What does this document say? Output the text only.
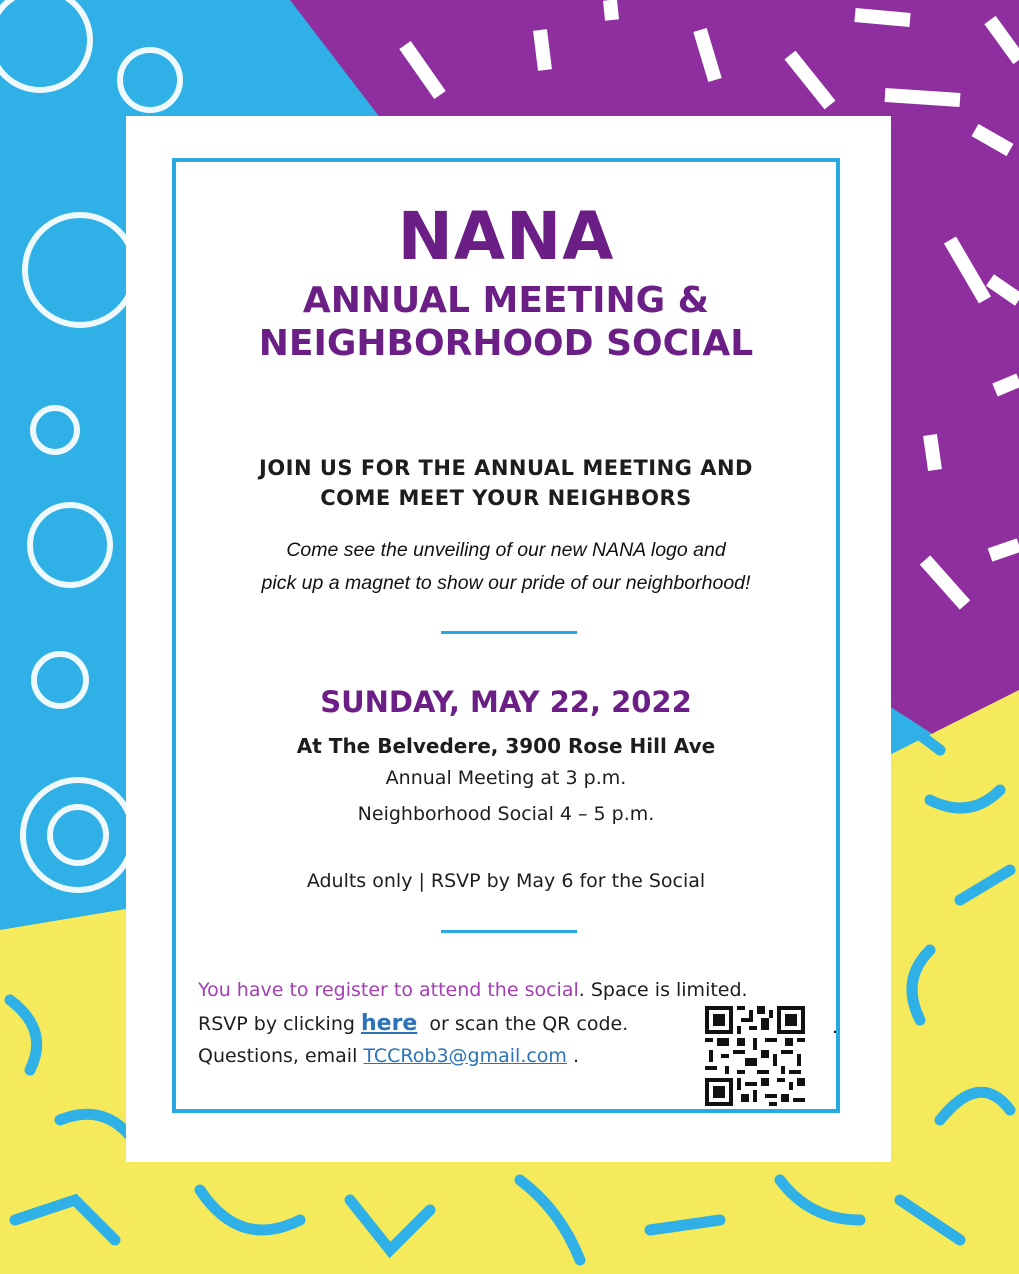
NANA
ANNUAL MEETING &
NEIGHBORHOOD SOCIAL

JOIN US FOR THE ANNUAL MEETING AND

COME MEET YOUR NEIGHBORS

Come see the unveiling of our new NANA logo and

pick up a magnet to show our pride of our neighborhood!

SUNDAY, MAY 22, 2022

At The Belvedere, 3900 Rose Hill Ave

Annual Meeting at 3 p.m.

Neighborhood Social 4 – 5 p.m.

Adults only | RSVP by May 6 for the Social

You have to register to attend the social. Space is limited.
RSVP by clicking here  or scan the QR code.
Questions, email TCCRob3@gmail.com .
.
